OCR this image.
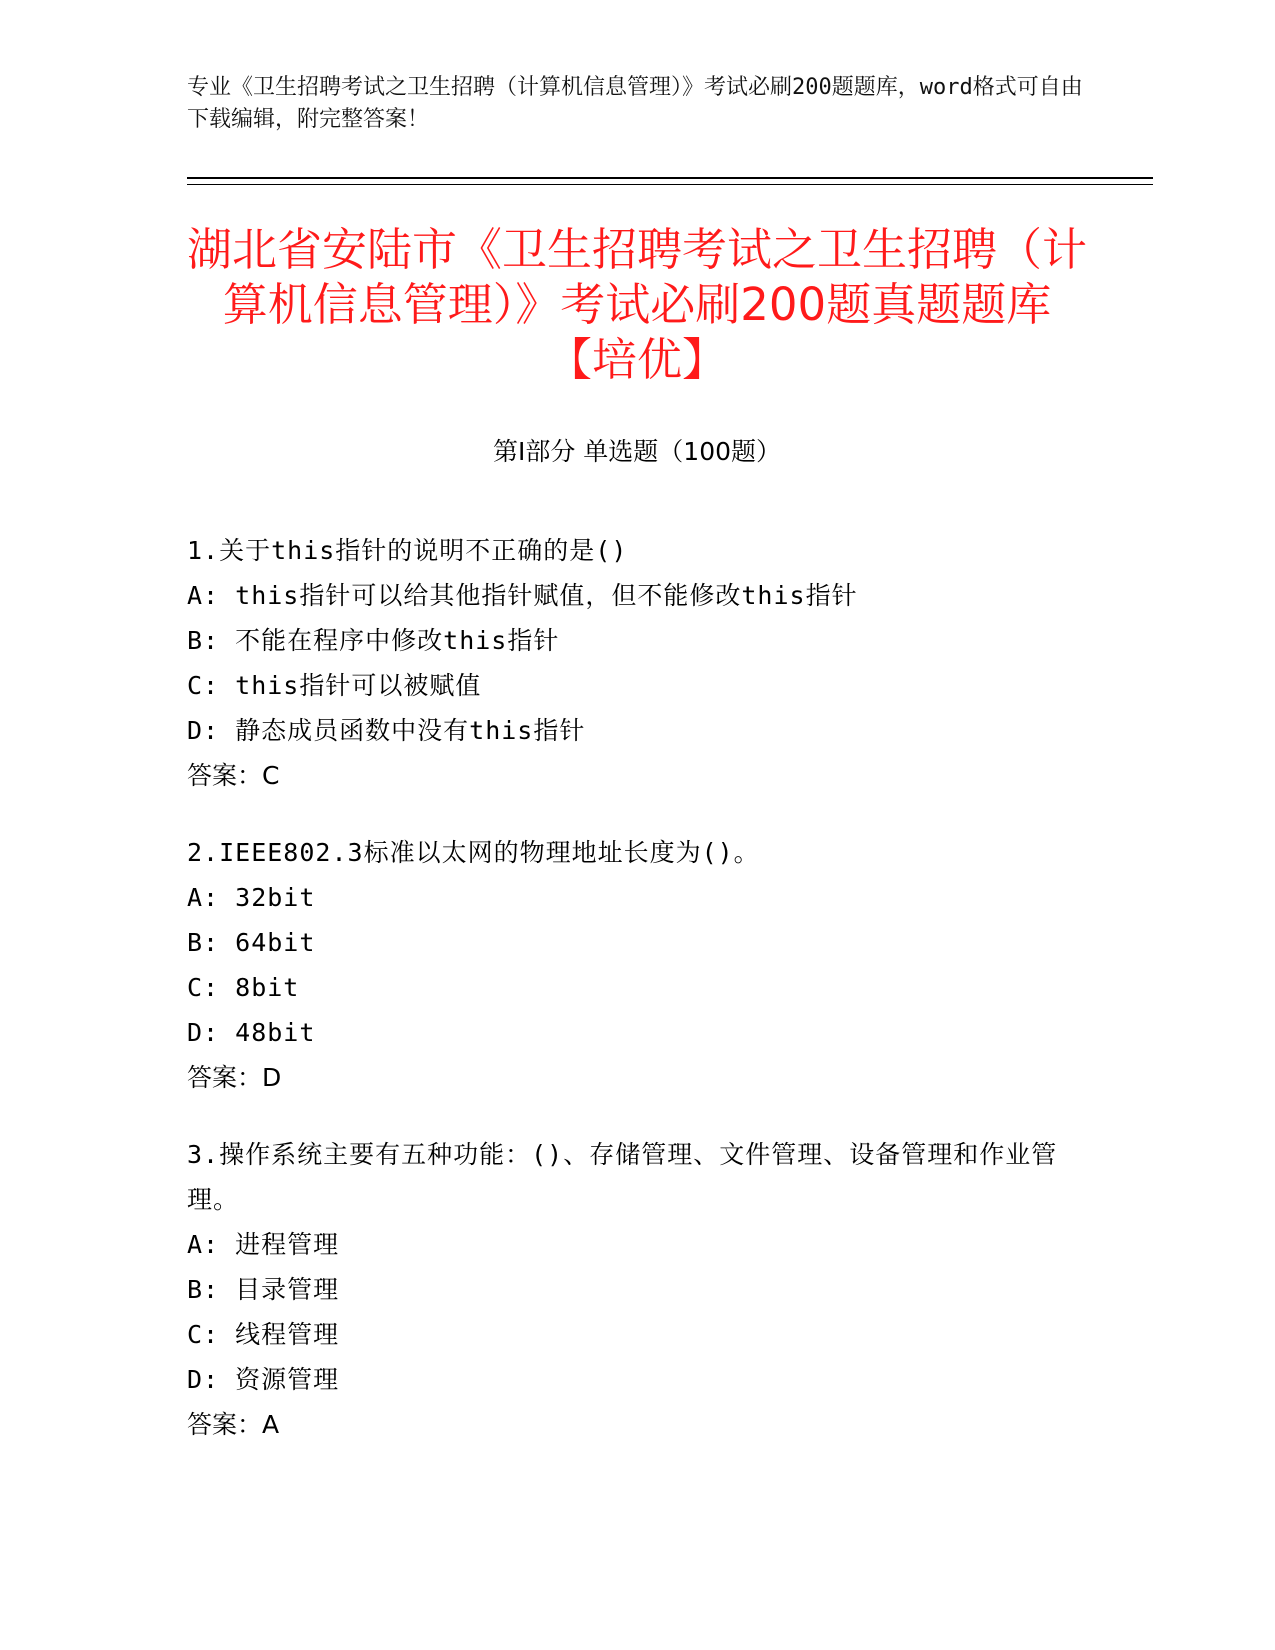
专业《卫生招聘考试之卫生招聘（计算机信息管理）》考试必刷200题题库，word格式可自由下载编辑，附完整答案！
湖北省安陆市《卫生招聘考试之卫生招聘（计算机信息管理）》考试必刷200题真题题库【培优】
第Ⅰ部分 单选题（100题）

1.关于this指针的说明不正确的是()

A: this指针可以给其他指针赋值，但不能修改this指针

B: 不能在程序中修改this指针

C: this指针可以被赋值

D: 静态成员函数中没有this指针

答案：C

2.IEEE802.3标准以太网的物理地址长度为()。

A: 32bit

B: 64bit

C: 8bit

D: 48bit

答案：D

3.操作系统主要有五种功能：()、存储管理、文件管理、设备管理和作业管理。

A: 进程管理

B: 目录管理

C: 线程管理

D: 资源管理

答案：A
